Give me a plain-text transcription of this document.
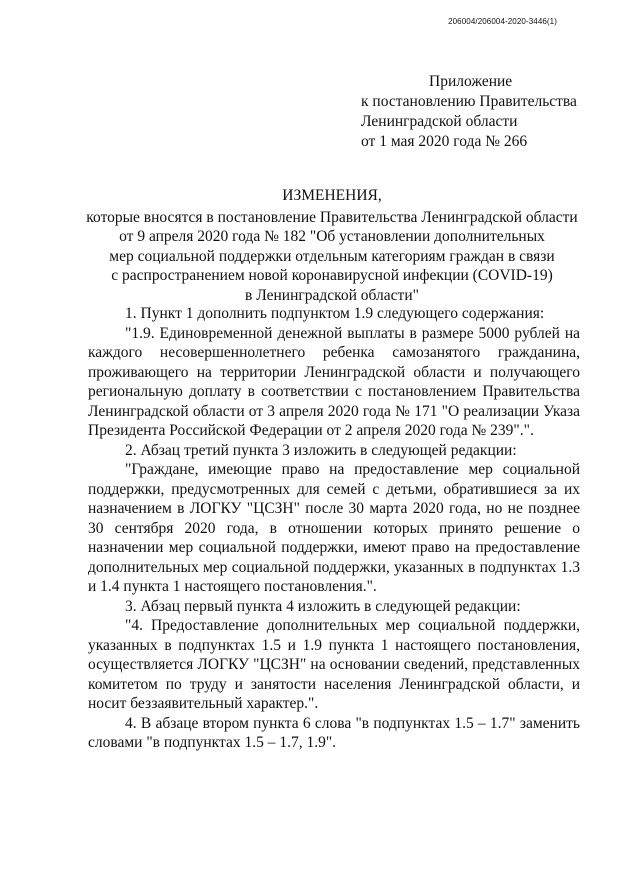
206004/206004-2020-3446(1)
Приложение
к постановлению Правительства
Ленинградской области
от 1 мая 2020 года № 266
ИЗМЕНЕНИЯ,
которые вносятся в постановление Правительства Ленинградской области
от 9 апреля 2020 года № 182 "Об установлении дополнительных
мер социальной поддержки отдельным категориям граждан в связи
с распространением новой коронавирусной инфекции (COVID-19)
в Ленинградской области"

1. Пункт 1 дополнить подпунктом 1.9 следующего содержания:

"1.9. Единовременной денежной выплаты в размере 5000 рублей на каждого несовершеннолетнего ребенка самозанятого гражданина, проживающего на территории Ленинградской области и получающего региональную доплату в соответствии с постановлением Правительства Ленинградской области от 3 апреля 2020 года № 171 "О реализации Указа Президента Российской Федерации от 2 апреля 2020 года № 239".".

2. Абзац третий пункта 3 изложить в следующей редакции:

"Граждане, имеющие право на предоставление мер социальной поддержки, предусмотренных для семей с детьми, обратившиеся за их назначением в ЛОГКУ "ЦСЗН" после 30 марта 2020 года, но не позднее 30 сентября 2020 года, в отношении которых принято решение о назначении мер социальной поддержки, имеют право на предоставление дополнительных мер социальной поддержки, указанных в подпунктах 1.3 и 1.4 пункта 1 настоящего постановления.".

3. Абзац первый пункта 4 изложить в следующей редакции:

"4. Предоставление дополнительных мер социальной поддержки, указанных в подпунктах 1.5 и 1.9 пункта 1 настоящего постановления, осуществляется ЛОГКУ "ЦСЗН" на основании сведений, представленных комитетом по труду и занятости населения Ленинградской области, и носит беззаявительный характер.".

4. В абзаце втором пункта 6 слова "в подпунктах 1.5 – 1.7" заменить словами "в подпунктах 1.5 – 1.7, 1.9".
